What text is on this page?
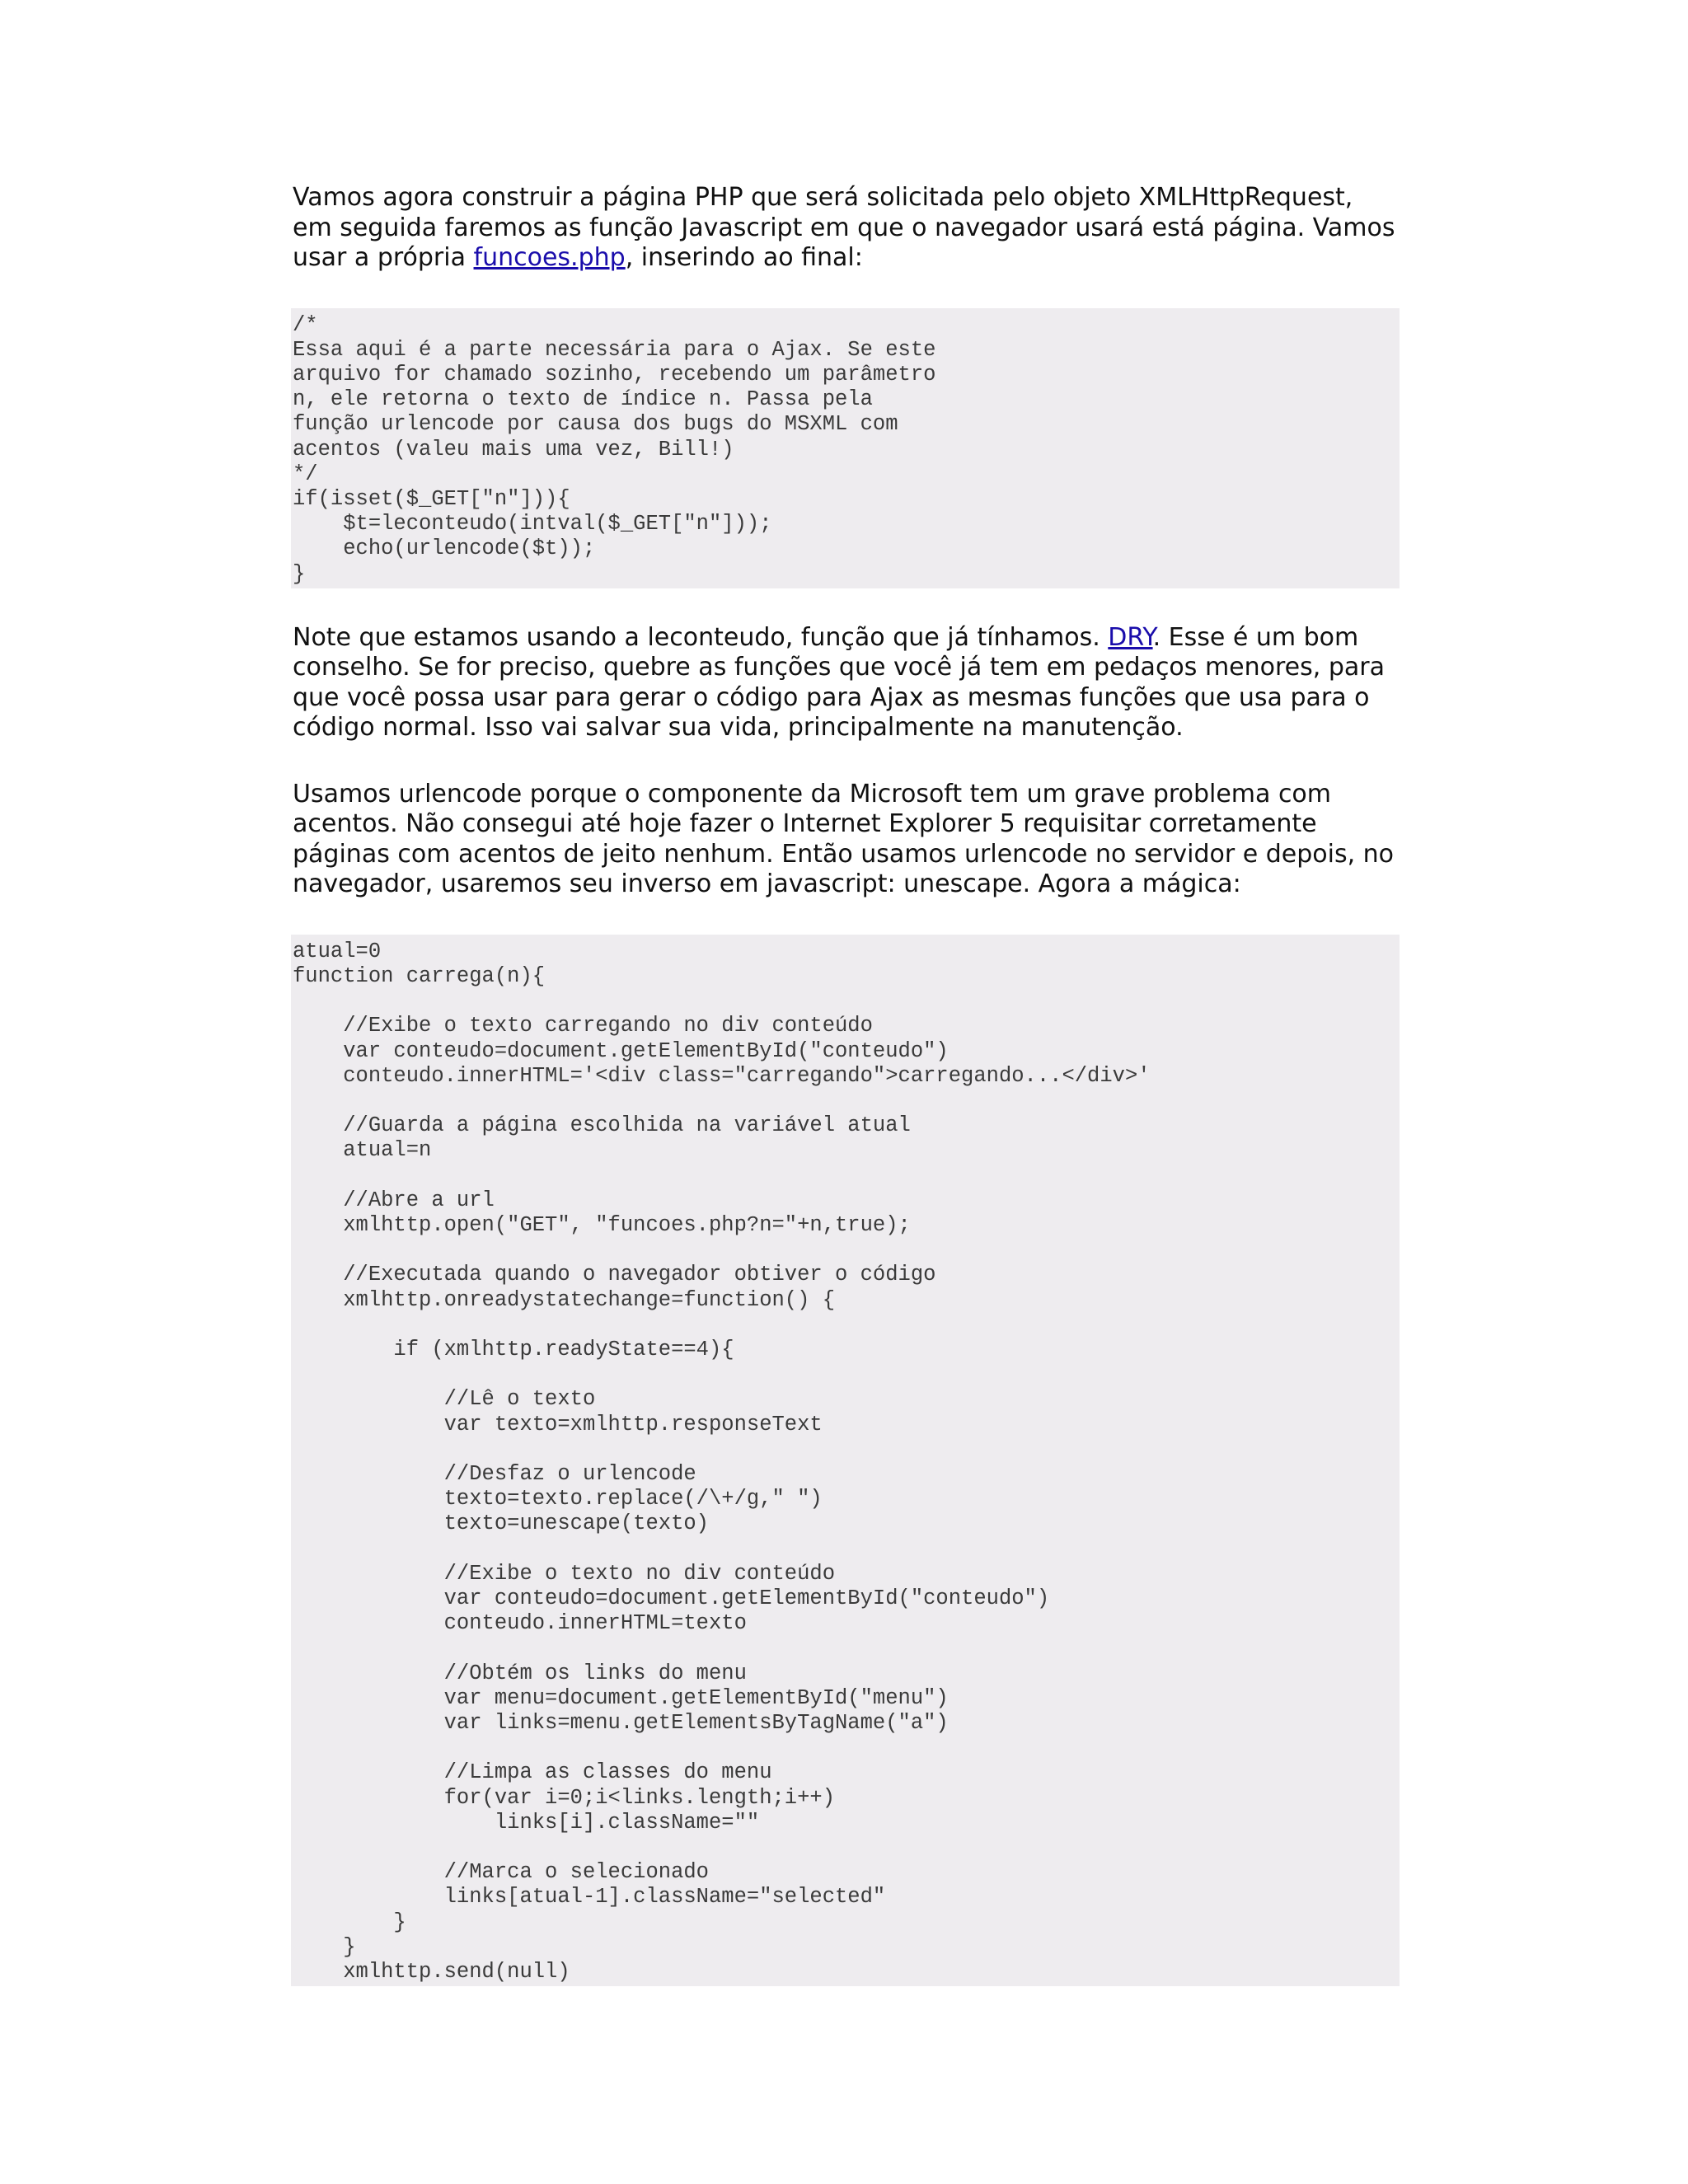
Vamos agora construir a página PHP que será solicitada pelo objeto XMLHttpRequest, em seguida faremos as função Javascript em que o navegador usará está página. Vamos usar a própria funcoes.php, inserindo ao final:

/*
Essa aqui é a parte necessária para o Ajax. Se este
arquivo for chamado sozinho, recebendo um parâmetro
n, ele retorna o texto de índice n. Passa pela
função urlencode por causa dos bugs do MSXML com
acentos (valeu mais uma vez, Bill!)
*/
if(isset($_GET["n"])){
$t=leconteudo(intval($_GET["n"]));
echo(urlencode($t));
}

Note que estamos usando a leconteudo, função que já tínhamos. DRY. Esse é um bom conselho. Se for preciso, quebre as funções que você já tem em pedaços menores, para que você possa usar para gerar o código para Ajax as mesmas funções que usa para o código normal. Isso vai salvar sua vida, principalmente na manutenção.

Usamos urlencode porque o componente da Microsoft tem um grave problema com acentos. Não consegui até hoje fazer o Internet Explorer 5 requisitar corretamente páginas com acentos de jeito nenhum. Então usamos urlencode no servidor e depois, no navegador, usaremos seu inverso em javascript: unescape. Agora a mágica:

atual=0
function carrega(n){

//Exibe o texto carregando no div conteúdo
var conteudo=document.getElementById("conteudo")
conteudo.innerHTML='<div class="carregando">carregando...</div>'

//Guarda a página escolhida na variável atual
atual=n

//Abre a url
xmlhttp.open("GET", "funcoes.php?n="+n,true);

//Executada quando o navegador obtiver o código
xmlhttp.onreadystatechange=function() {

if (xmlhttp.readyState==4){

//Lê o texto
var texto=xmlhttp.responseText

//Desfaz o urlencode
texto=texto.replace(/\+/g," ")
texto=unescape(texto)

//Exibe o texto no div conteúdo
var conteudo=document.getElementById("conteudo")
conteudo.innerHTML=texto

//Obtém os links do menu
var menu=document.getElementById("menu")
var links=menu.getElementsByTagName("a")

//Limpa as classes do menu
for(var i=0;i<links.length;i++)
links[i].className=""

//Marca o selecionado
links[atual-1].className="selected"
}
}
xmlhttp.send(null)
